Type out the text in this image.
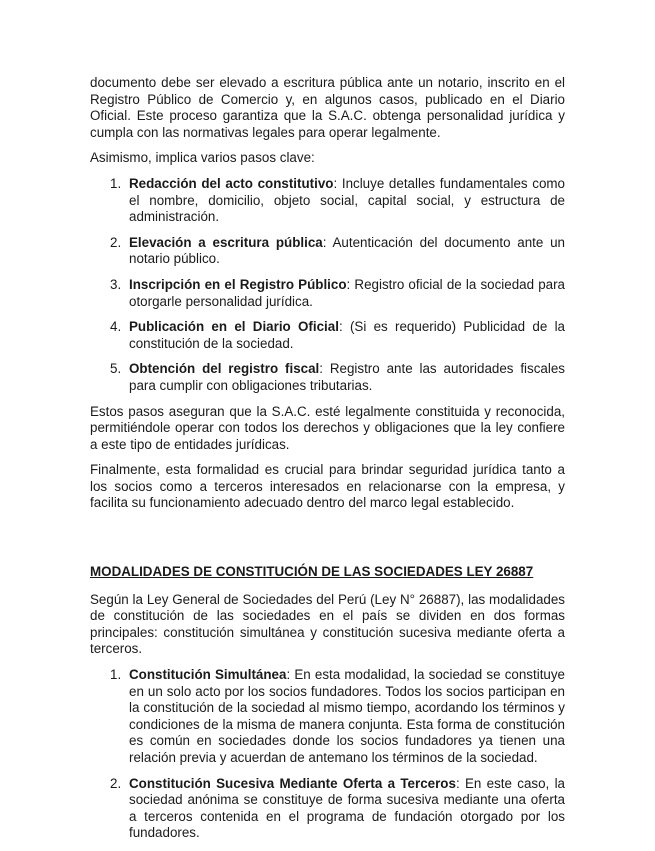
documento debe ser elevado a escritura pública ante un notario, inscrito en el Registro Público de Comercio y, en algunos casos, publicado en el Diario Oficial. Este proceso garantiza que la S.A.C. obtenga personalidad jurídica y cumpla con las normativas legales para operar legalmente.

Asimismo, implica varios pasos clave:

1. Redacción del acto constitutivo: Incluye detalles fundamentales como el nombre, domicilio, objeto social, capital social, y estructura de administración.
2. Elevación a escritura pública: Autenticación del documento ante un notario público.
3. Inscripción en el Registro Público: Registro oficial de la sociedad para otorgarle personalidad jurídica.
4. Publicación en el Diario Oficial: (Si es requerido) Publicidad de la constitución de la sociedad.
5. Obtención del registro fiscal: Registro ante las autoridades fiscales para cumplir con obligaciones tributarias.

Estos pasos aseguran que la S.A.C. esté legalmente constituida y reconocida, permitiéndole operar con todos los derechos y obligaciones que la ley confiere a este tipo de entidades jurídicas.

Finalmente, esta formalidad es crucial para brindar seguridad jurídica tanto a los socios como a terceros interesados en relacionarse con la empresa, y facilita su funcionamiento adecuado dentro del marco legal establecido.

MODALIDADES DE CONSTITUCIÓN DE LAS SOCIEDADES LEY 26887

Según la Ley General de Sociedades del Perú (Ley N° 26887), las modalidades de constitución de las sociedades en el país se dividen en dos formas principales: constitución simultánea y constitución sucesiva mediante oferta a terceros.

1. Constitución Simultánea: En esta modalidad, la sociedad se constituye en un solo acto por los socios fundadores. Todos los socios participan en la constitución de la sociedad al mismo tiempo, acordando los términos y condiciones de la misma de manera conjunta. Esta forma de constitución es común en sociedades donde los socios fundadores ya tienen una relación previa y acuerdan de antemano los términos de la sociedad.
2. Constitución Sucesiva Mediante Oferta a Terceros: En este caso, la sociedad anónima se constituye de forma sucesiva mediante una oferta a terceros contenida en el programa de fundación otorgado por los fundadores.
